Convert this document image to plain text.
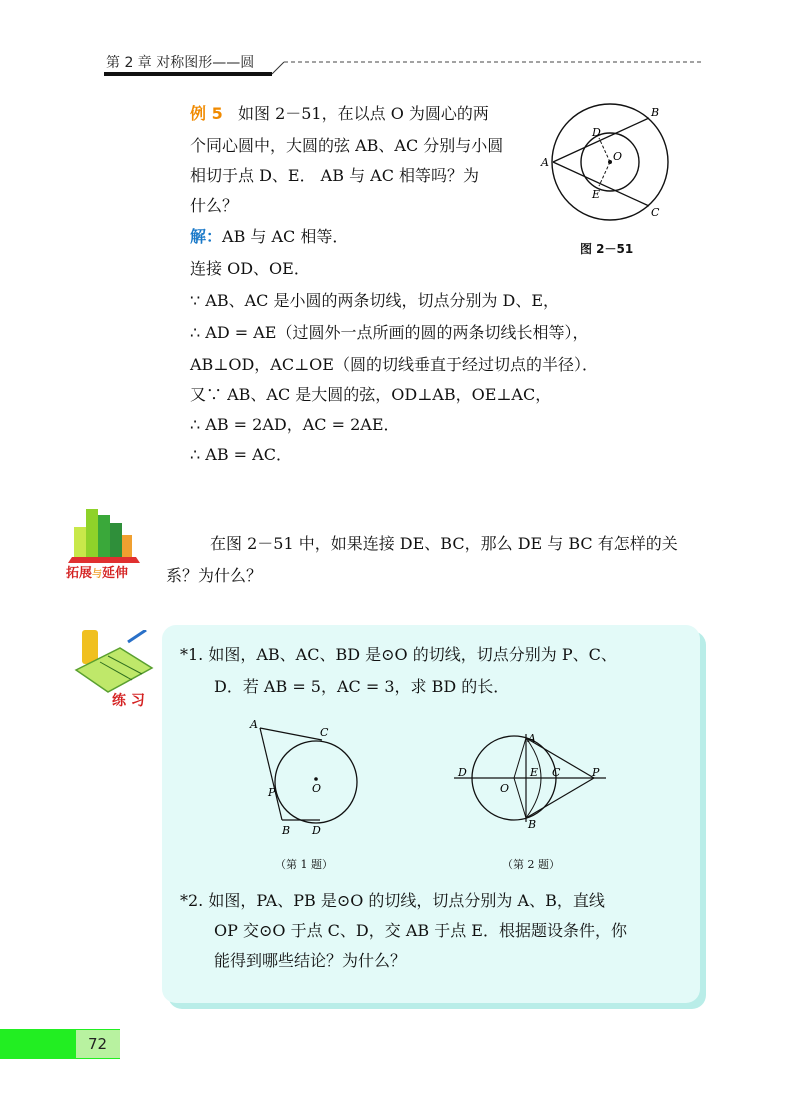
第 2 章 对称图形——圆
例 5 如图 2－51，在以点 O 为圆心的两
个同心圆中，大圆的弦 AB、AC 分别与小圆
相切于点 D、E． AB 与 AC 相等吗？为
什么？
解：AB 与 AC 相等．
连接 OD、OE．
∵ AB、AC 是小圆的两条切线，切点分别为 D、E，
∴ AD = AE（过圆外一点所画的圆的两条切线长相等），
AB⊥OD，AC⊥OE（圆的切线垂直于经过切点的半径）．
又∵ AB、AC 是大圆的弦，OD⊥AB，OE⊥AC，
∴ AB = 2AD，AC = 2AE．
∴ AB = AC．
A
B
C
D
E
O
图 2－51
拓展与延伸
在图 2－51 中，如果连接 DE、BC，那么 DE 与 BC 有怎样的关
系？为什么？
练 习
*1. 如图，AB、AC、BD 是⊙O 的切线，切点分别为 P、C、
D．若 AB = 5，AC = 3，求 BD 的长．
A
C
P	O
B D
（第 1 题）
A
B
D
O
E C	P
（第 2 题）
*2. 如图，PA、PB 是⊙O 的切线，切点分别为 A、B，直线
OP 交⊙O 于点 C、D，交 AB 于点 E．根据题设条件，你
能得到哪些结论？为什么？
72
